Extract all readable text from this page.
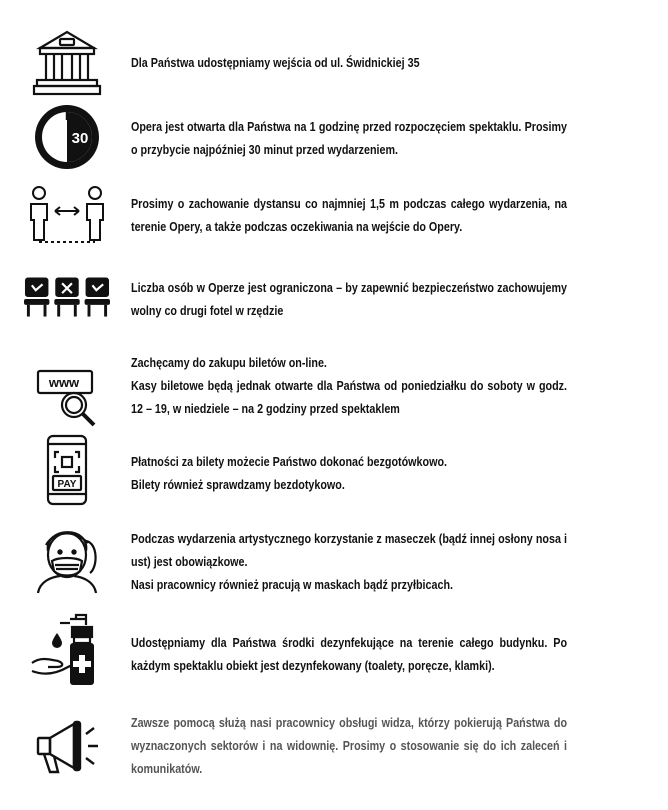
Dla Państwa udostępniamy wejścia od ul. Świdnickiej 35
30
Opera jest otwarta dla Państwa na 1 godzinę przed rozpoczęciem spektaklu. Prosimy o przybycie najpóźniej 30 minut przed wydarzeniem.
Prosimy o zachowanie dystansu co najmniej 1,5 m podczas całego wydarzenia, na terenie Opery, a także podczas oczekiwania na wejście do Opery.
Liczba osób w Operze jest ograniczona – by zapewnić bezpieczeństwo zachowujemy wolny co drugi fotel w rzędzie
www
Zachęcamy do zakupu biletów on-line.
Kasy biletowe będą jednak otwarte dla Państwa od poniedziałku do soboty w godz. 12 – 19, w niedziele – na 2 godziny przed spektaklem
PAY
Płatności za bilety możecie Państwo dokonać bezgotówkowo.
Bilety również sprawdzamy bezdotykowo.
Podczas wydarzenia artystycznego korzystanie z maseczek (bądź innej osłony nosa i ust) jest obowiązkowe.
Nasi pracownicy również pracują w maskach bądź przyłbicach.
Udostępniamy dla Państwa środki dezynfekujące na terenie całego budynku. Po każdym spektaklu obiekt jest dezynfekowany (toalety, poręcze, klamki).
Zawsze pomocą służą nasi pracownicy obsługi widza, którzy pokierują Państwa do wyznaczonych sektorów i na widownię. Prosimy o stosowanie się do ich zaleceń i komunikatów.
